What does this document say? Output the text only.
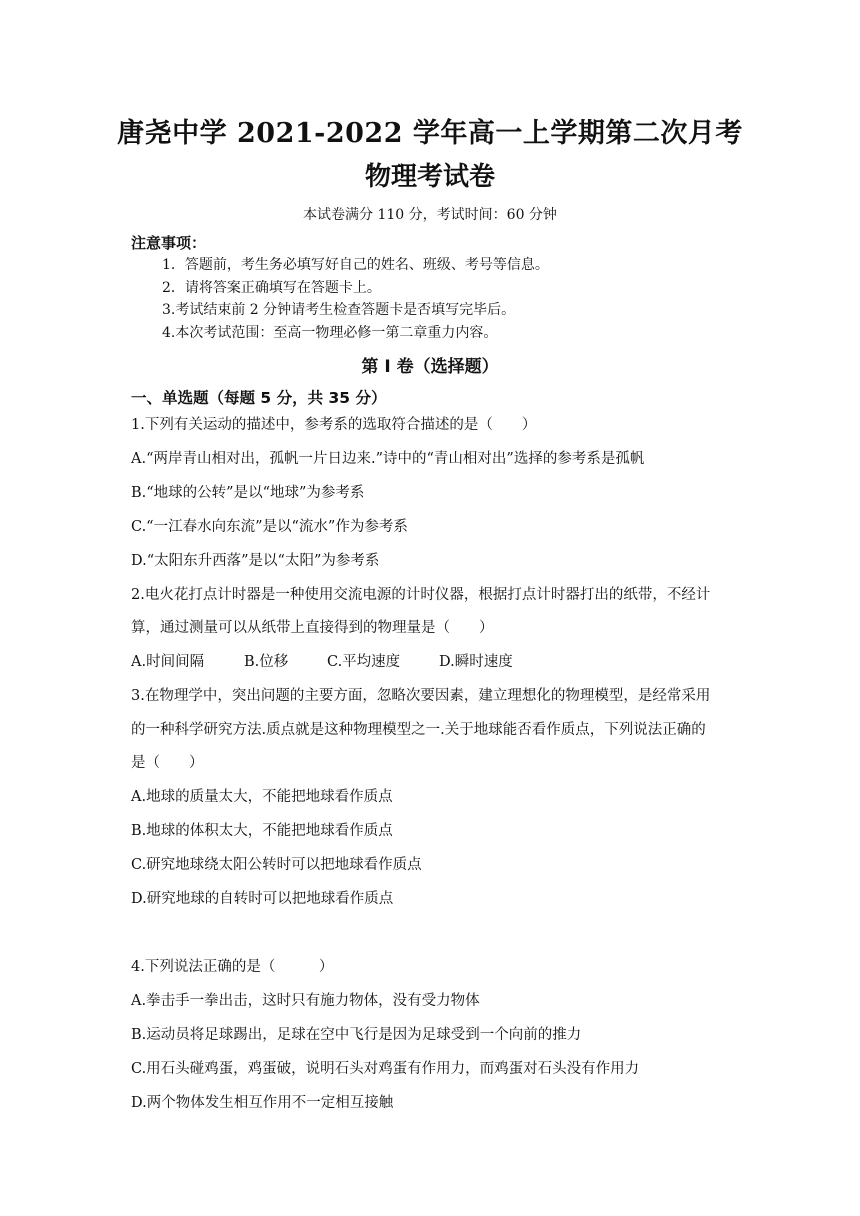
唐尧中学 2021-2022 学年高一上学期第二次月考
物理考试卷
本试卷满分 110 分，考试时间：60 分钟
注意事项：
1．答题前，考生务必填写好自己的姓名、班级、考号等信息。
2．请将答案正确填写在答题卡上。
3.考试结束前 2 分钟请考生检查答题卡是否填写完毕后。
4.本次考试范围：至高一物理必修一第二章重力内容。
第 Ⅰ 卷（选择题）
一、单选题（每题 5 分，共 35 分）
1.下列有关运动的描述中，参考系的选取符合描述的是（　　）
A.“两岸青山相对出，孤帆一片日边来.”诗中的“青山相对出”选择的参考系是孤帆
B.“地球的公转”是以“地球”为参考系
C.“一江春水向东流”是以“流水”作为参考系
D.“太阳东升西落”是以“太阳”为参考系
2.电火花打点计时器是一种使用交流电源的计时仪器，根据打点计时器打出的纸带，不经计
算，通过测量可以从纸带上直接得到的物理量是（　　）
A.时间间隔	B.位移	C.平均速度	D.瞬时速度
3.在物理学中，突出问题的主要方面，忽略次要因素，建立理想化的物理模型，是经常采用
的一种科学研究方法.质点就是这种物理模型之一.关于地球能否看作质点，下列说法正确的
是（　　）
A.地球的质量太大，不能把地球看作质点
B.地球的体积太大，不能把地球看作质点
C.研究地球绕太阳公转时可以把地球看作质点
D.研究地球的自转时可以把地球看作质点
4.下列说法正确的是（　　　）
A.拳击手一拳出击，这时只有施力物体，没有受力物体
B.运动员将足球踢出，足球在空中飞行是因为足球受到一个向前的推力
C.用石头碰鸡蛋，鸡蛋破，说明石头对鸡蛋有作用力，而鸡蛋对石头没有作用力
D.两个物体发生相互作用不一定相互接触
